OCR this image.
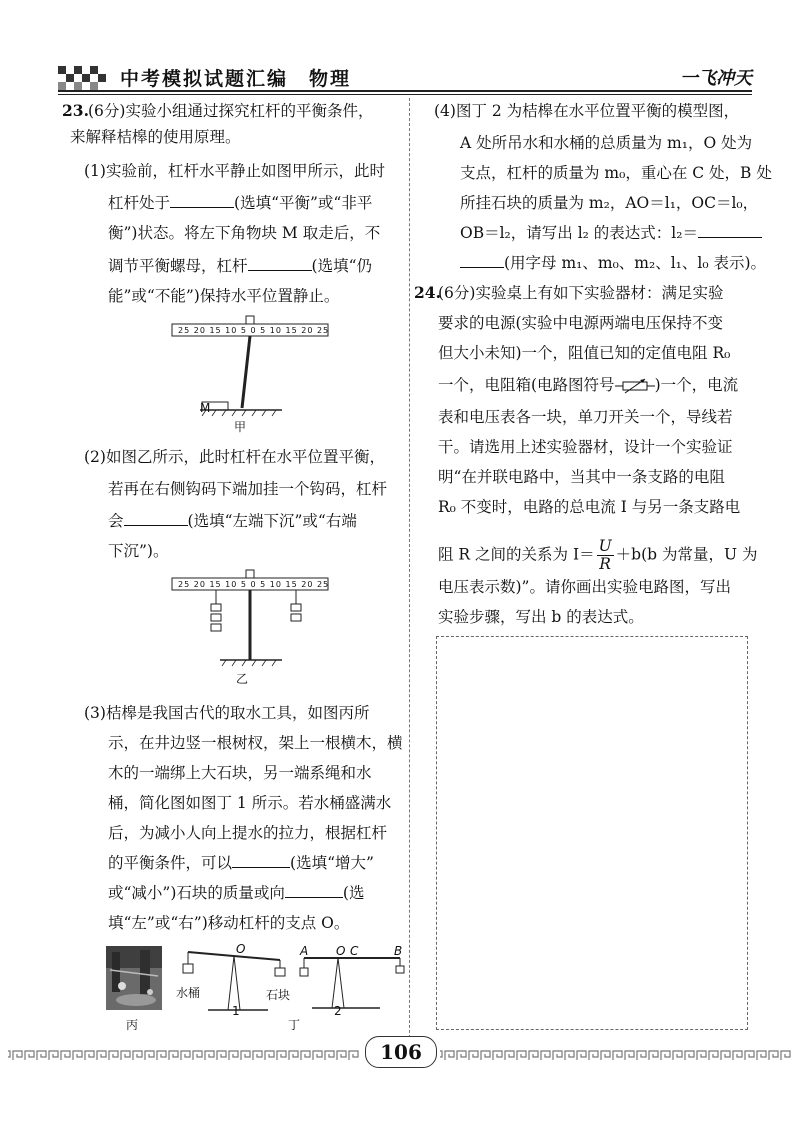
中考模拟试题汇编　物理	一飞冲天
23. (6分)实验小组通过探究杠杆的平衡条件，
来解释桔槔的使用原理。
(1)实验前，杠杆水平静止如图甲所示，此时
杠杆处于	(选填“平衡”或“非平
衡”)状态。将左下角物块 M 取走后，不
调节平衡螺母，杠杆	(选填“仍
能”或“不能”)保持水平位置静止。
25 20 15 10 5 0 5 10 15 20 25
M
甲
(2)如图乙所示，此时杠杆在水平位置平衡，
若再在右侧钩码下端加挂一个钩码，杠杆
会	(选填“左端下沉”或“右端
下沉”)。
25 20 15 10 5 0 5 10 15 20 25
乙
(3)桔槔是我国古代的取水工具，如图丙所
示，在井边竖一根树杈，架上一根横木，横
木的一端绑上大石块，另一端系绳和水
桶，简化图如图丁 1 所示。若水桶盛满水
后，为减小人向上提水的拉力，根据杠杆
的平衡条件，可以	(选填“增大”
或“减小”)石块的质量或向	(选
填“左”或“右”)移动杠杆的支点 O。
丙
O
水桶	石块
1
A O C	B
2
丁
(4)图丁 2 为桔槔在水平位置平衡的模型图，
A 处所吊水和水桶的总质量为 m₁，O 处为
支点，杠杆的质量为 m₀，重心在 C 处，B 处
所挂石块的质量为 m₂，AO＝l₁，OC＝l₀，
OB＝l₂，请写出 l₂ 的表达式：l₂＝
(用字母 m₁、m₀、m₂、l₁、l₀ 表示)。
24.
(6分)实验桌上有如下实验器材：满足实验
要求的电源(实验中电源两端电压保持不变
但大小未知)一个，阻值已知的定值电阻 R₀
一个，电阻箱(电路图符号	)一个，电流
表和电压表各一块，单刀开关一个，导线若
干。请选用上述实验器材，设计一个实验证
明“在并联电路中，当其中一条支路的电阻
R₀ 不变时，电路的总电流 I 与另一条支路电
阻 R 之间的关系为 $I= \frac{U}{R} +b(b$ 为常量，U 为
电压表示数)”。请你画出实验电路图，写出
实验步骤，写出 b 的表达式。
106
